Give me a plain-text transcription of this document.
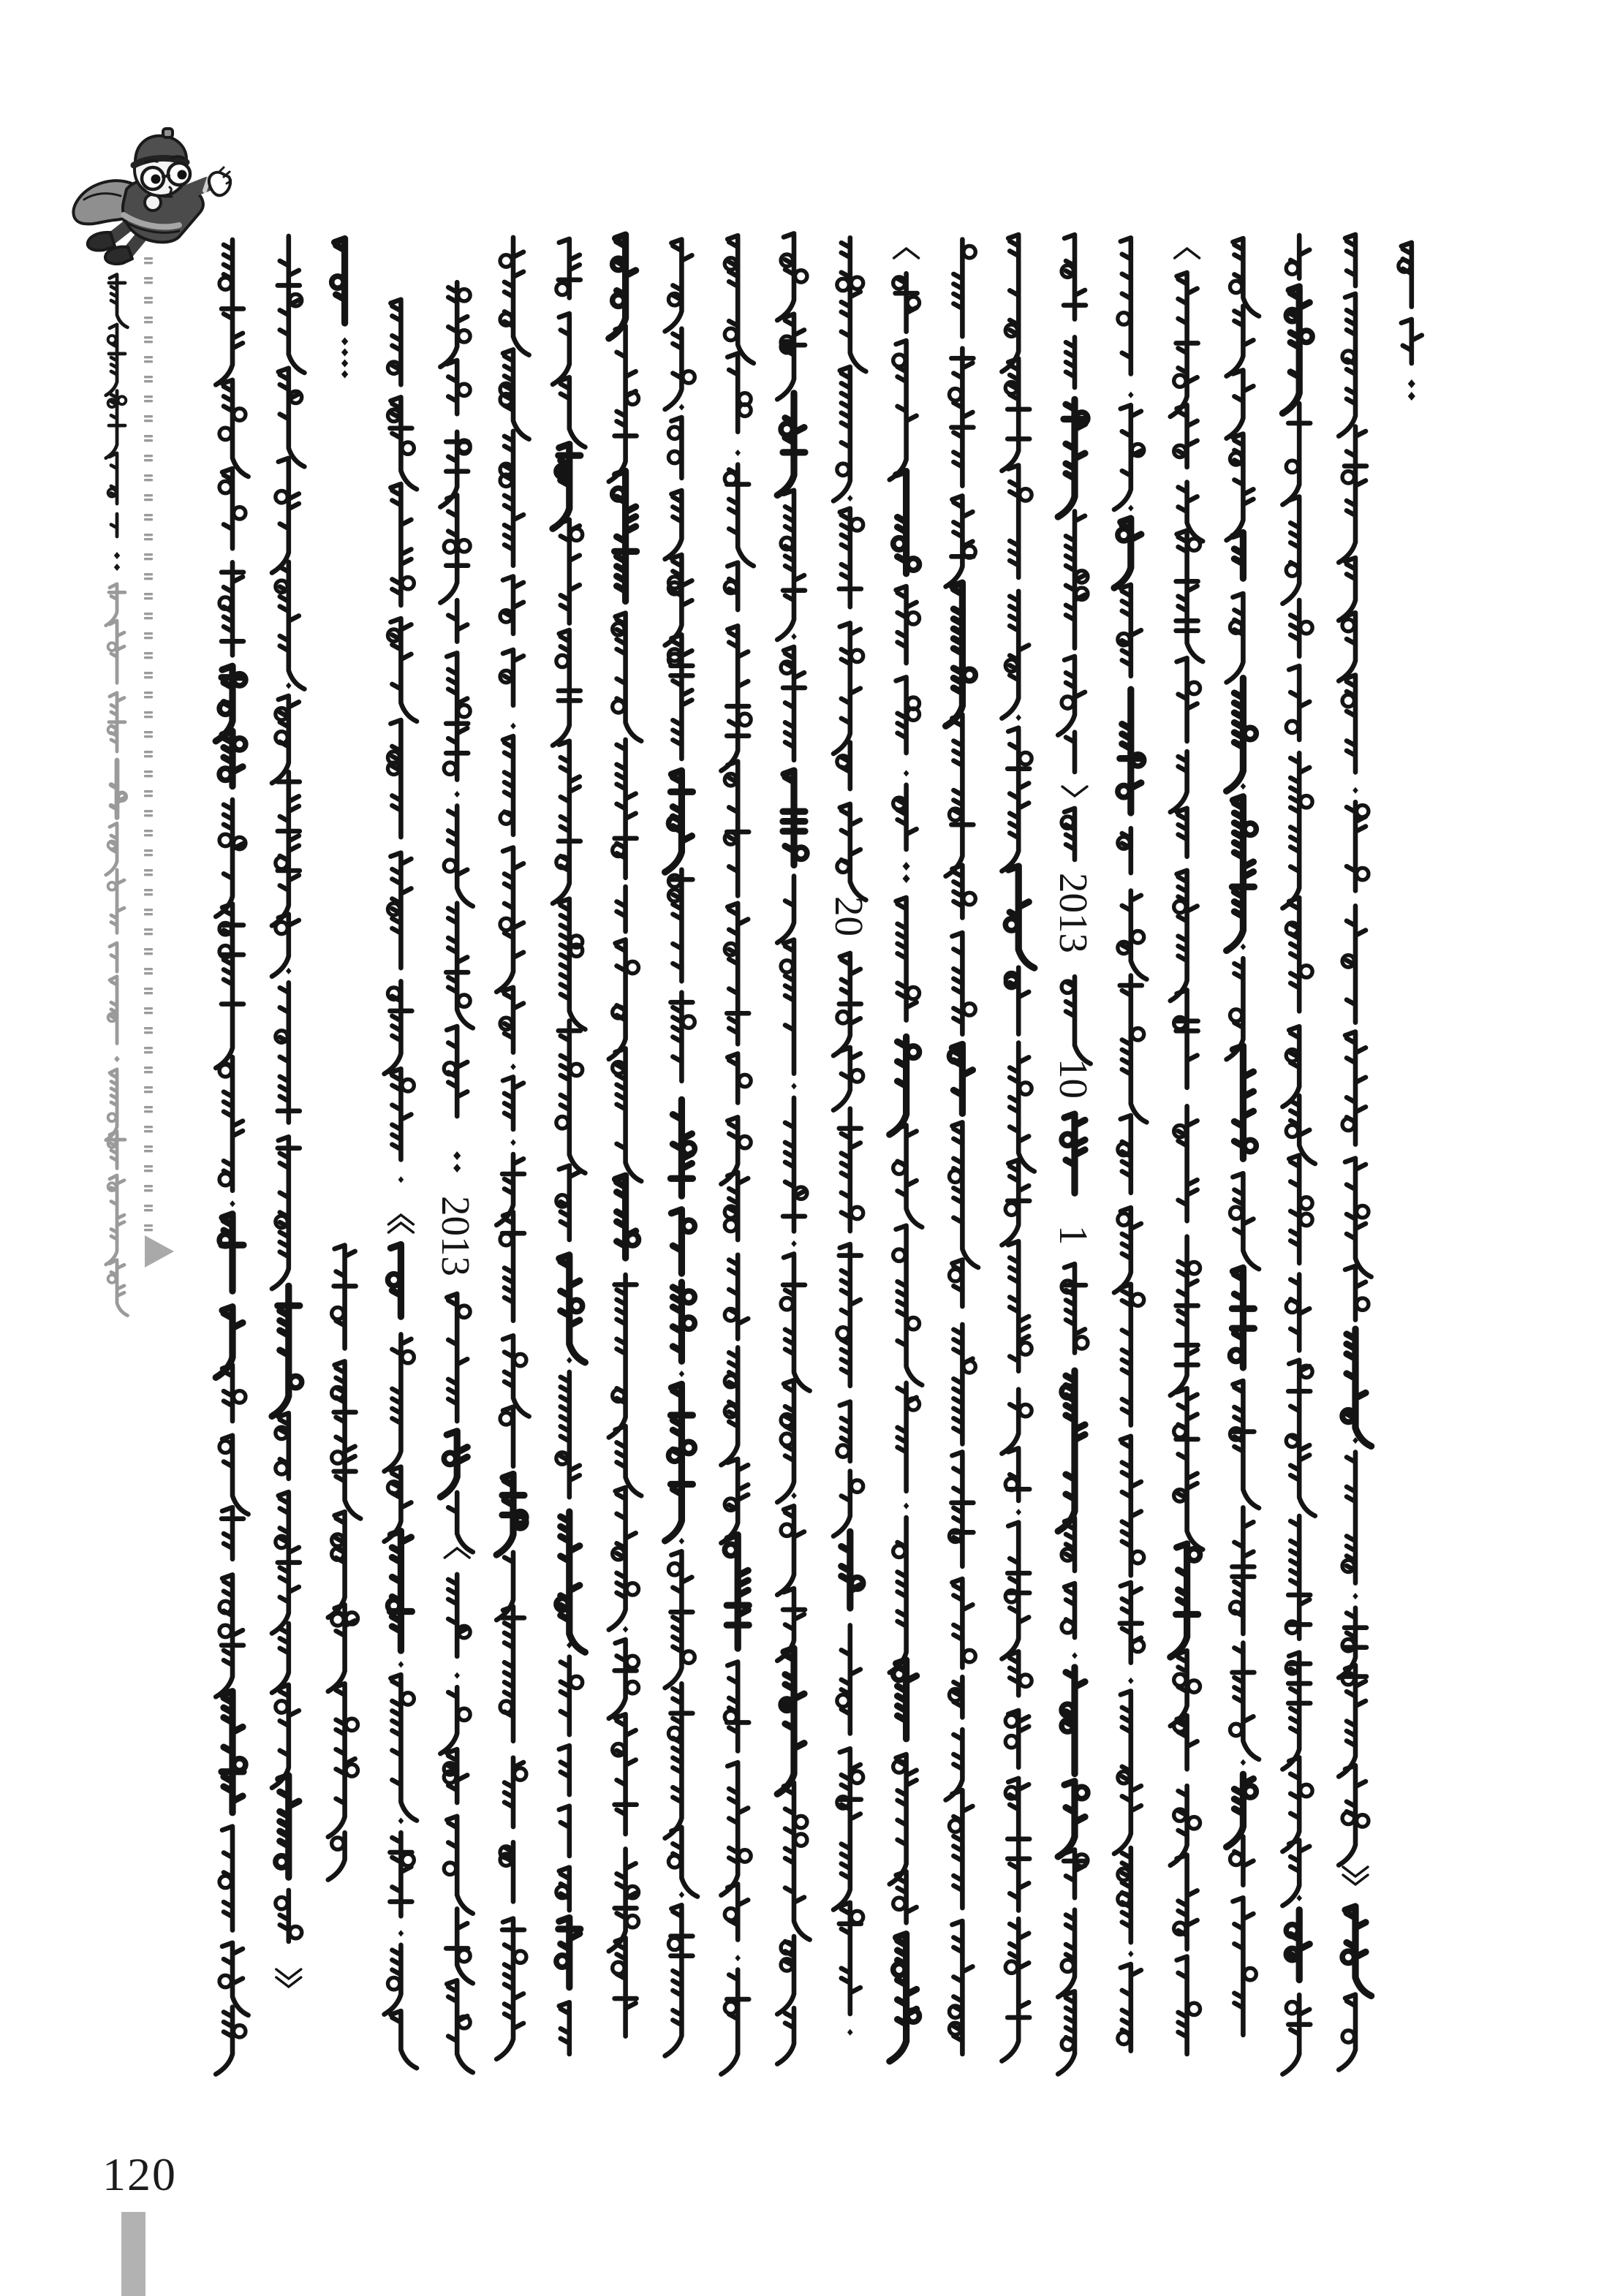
2013
20	2013
10
1
120
